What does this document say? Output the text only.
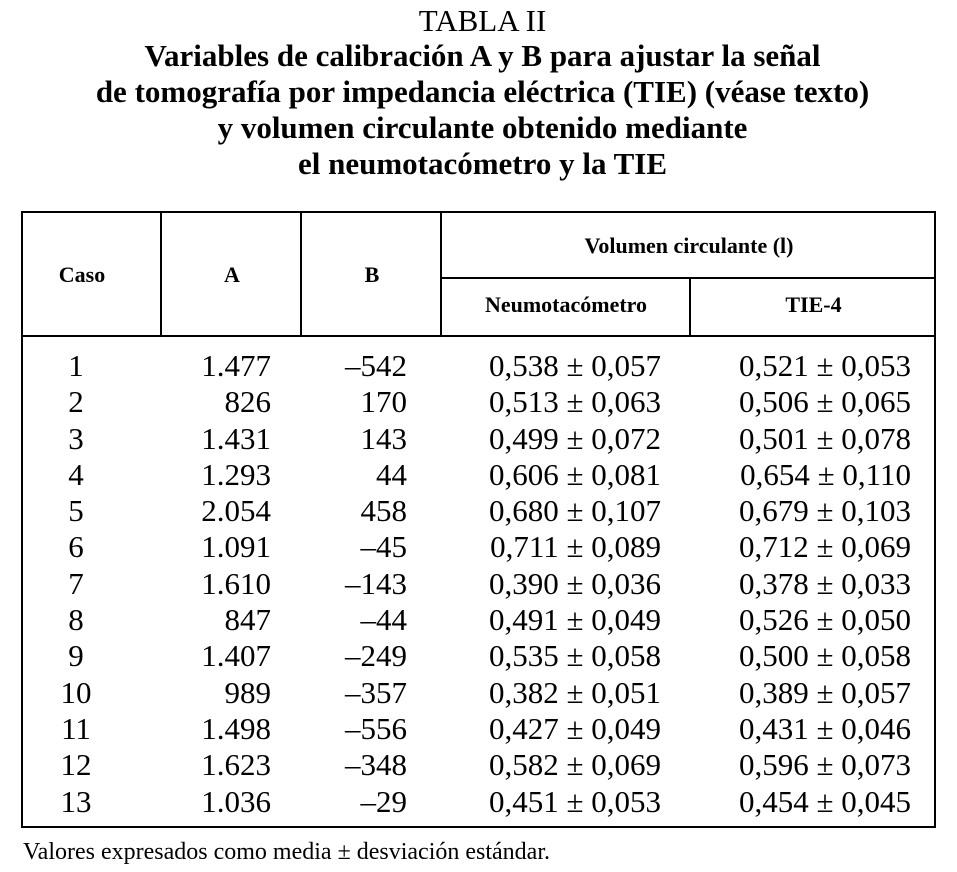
TABLA II
Variables de calibración A y B para ajustar la señal
de tomografía por impedancia eléctrica (TIE) (véase texto)
y volumen circulante obtenido mediante
el neumotacómetro y la TIE
Caso	A	B
Volumen circulante (l)
Neumotacómetro	TIE-4
1	1.477	–542	0,538 ± 0,057	0,521 ± 0,053
2	826	170	0,513 ± 0,063	0,506 ± 0,065
3	1.431	143	0,499 ± 0,072	0,501 ± 0,078
4	1.293	44	0,606 ± 0,081	0,654 ± 0,110
5	2.054	458	0,680 ± 0,107	0,679 ± 0,103
6	1.091	–45	0,711 ± 0,089	0,712 ± 0,069
7	1.610	–143	0,390 ± 0,036	0,378 ± 0,033
8	847	–44	0,491 ± 0,049	0,526 ± 0,050
9	1.407	–249	0,535 ± 0,058	0,500 ± 0,058
10	989	–357	0,382 ± 0,051	0,389 ± 0,057
11	1.498	–556	0,427 ± 0,049	0,431 ± 0,046
12	1.623	–348	0,582 ± 0,069	0,596 ± 0,073
13	1.036	–29	0,451 ± 0,053	0,454 ± 0,045
Valores expresados como media ± desviación estándar.
